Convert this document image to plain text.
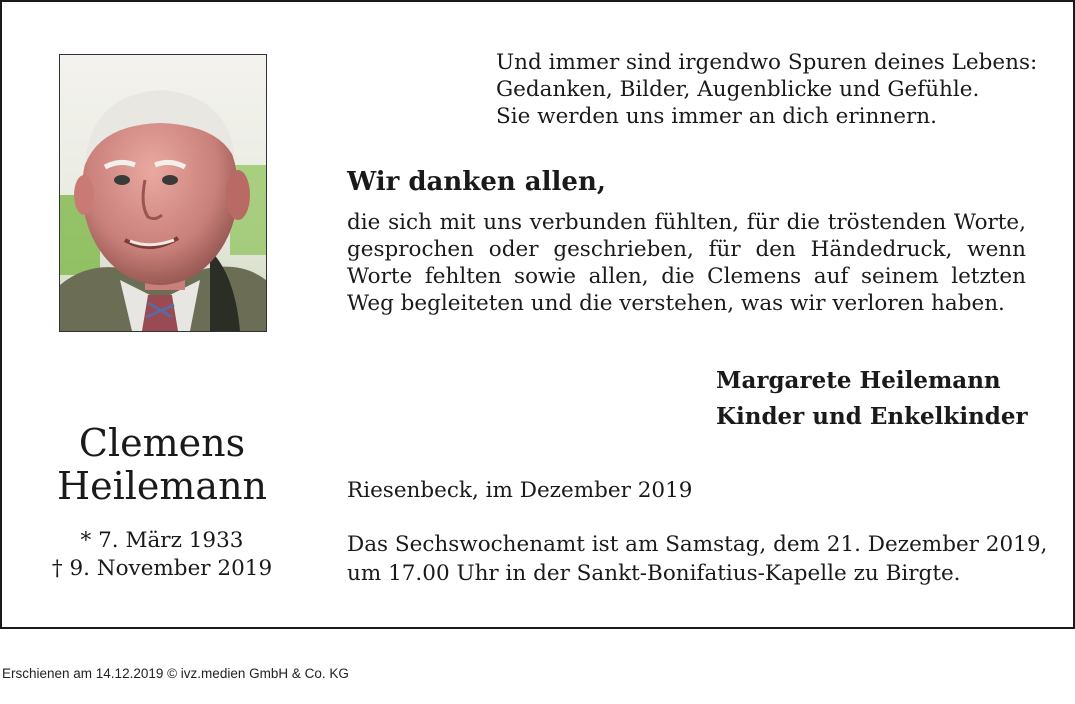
Und immer sind irgendwo Spuren deines Lebens:
Gedanken, Bilder, Augenblicke und Gefühle.
Sie werden uns immer an dich erinnern.
Wir danken allen,
die sich mit uns verbunden fühlten, für die tröstenden Worte, gesprochen oder geschrieben, für den Händedruck, wenn Worte fehlten sowie allen, die Clemens auf seinem letzten Weg begleiteten und die verstehen, was wir verloren haben.
Margarete Heilemann
Kinder und Enkelkinder
Clemens
Heilemann
* 7. März 1933
† 9. November 2019
Riesenbeck, im Dezember 2019
Das Sechswochenamt ist am Samstag, dem 21. Dezember 2019,
um 17.00 Uhr in der Sankt-Bonifatius-Kapelle zu Birgte.
Erschienen am 14.12.2019 © ivz.medien GmbH & Co. KG
